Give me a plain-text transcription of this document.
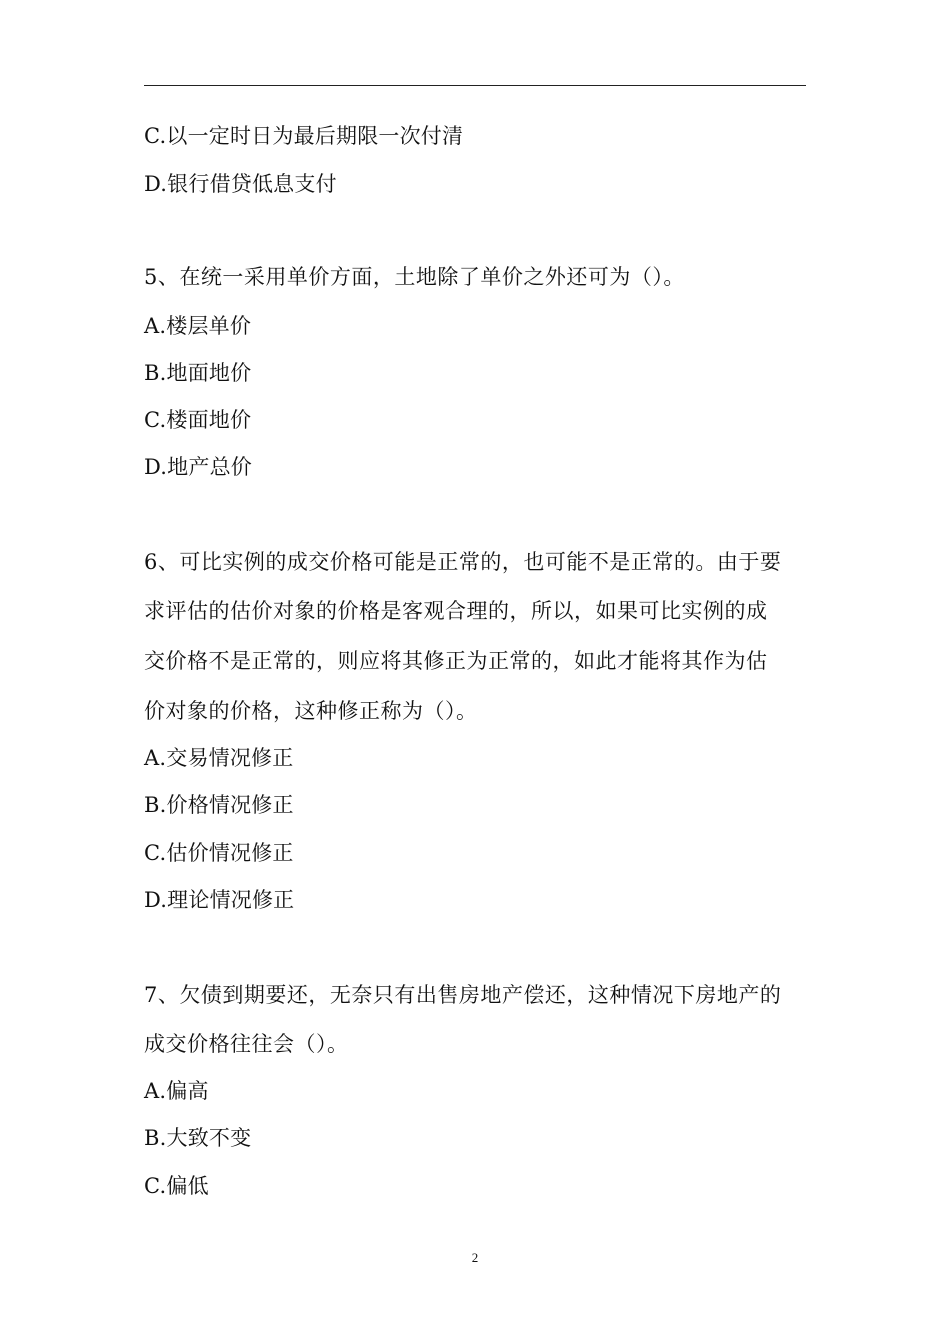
C.以一定时日为最后期限一次付清
D.银行借贷低息支付
5、在统一采用单价方面，土地除了单价之外还可为（）。
A.楼层单价
B.地面地价
C.楼面地价
D.地产总价
6、可比实例的成交价格可能是正常的，也可能不是正常的。由于要
求评估的估价对象的价格是客观合理的，所以，如果可比实例的成
交价格不是正常的，则应将其修正为正常的，如此才能将其作为估
价对象的价格，这种修正称为（）。
A.交易情况修正
B.价格情况修正
C.估价情况修正
D.理论情况修正
7、欠债到期要还，无奈只有出售房地产偿还，这种情况下房地产的
成交价格往往会（）。
A.偏高
B.大致不变
C.偏低
2
